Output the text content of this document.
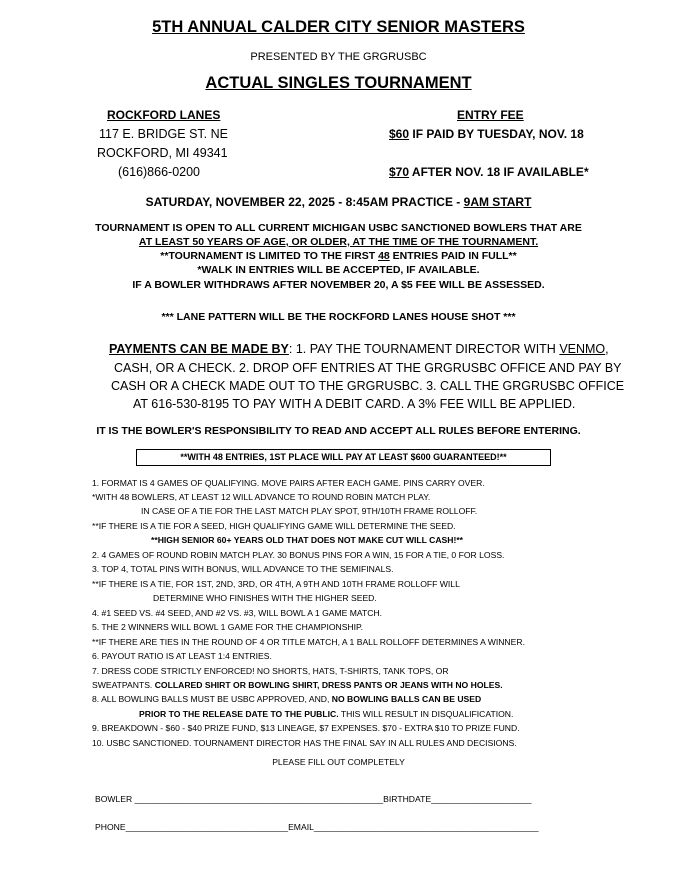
5TH ANNUAL CALDER CITY SENIOR MASTERS
PRESENTED BY THE GRGRUSBC
ACTUAL SINGLES TOURNAMENT
ROCKFORD LANES
117 E. BRIDGE ST. NE
ROCKFORD, MI 49341
(616)866-0200
ENTRY FEE
$60 IF PAID BY TUESDAY, NOV. 18
$70 AFTER NOV. 18 IF AVAILABLE*
SATURDAY, NOVEMBER 22, 2025 - 8:45AM PRACTICE - 9AM START
TOURNAMENT IS OPEN TO ALL CURRENT MICHIGAN USBC SANCTIONED BOWLERS THAT ARE
AT LEAST 50 YEARS OF AGE, OR OLDER, AT THE TIME OF THE TOURNAMENT.
**TOURNAMENT IS LIMITED TO THE FIRST 48 ENTRIES PAID IN FULL**
*WALK IN ENTRIES WILL BE ACCEPTED, IF AVAILABLE.
IF A BOWLER WITHDRAWS AFTER NOVEMBER 20, A $5 FEE WILL BE ASSESSED.
*** LANE PATTERN WILL BE THE ROCKFORD LANES HOUSE SHOT ***
PAYMENTS CAN BE MADE BY: 1. PAY THE TOURNAMENT DIRECTOR WITH VENMO,
CASH, OR A CHECK. 2. DROP OFF ENTRIES AT THE GRGRUSBC OFFICE AND PAY BY
CASH OR A CHECK MADE OUT TO THE GRGRUSBC. 3. CALL THE GRGRUSBC OFFICE
AT 616-530-8195 TO PAY WITH A DEBIT CARD. A 3% FEE WILL BE APPLIED.
IT IS THE BOWLER'S RESPONSIBILITY TO READ AND ACCEPT ALL RULES BEFORE ENTERING.
**WITH 48 ENTRIES, 1ST PLACE WILL PAY AT LEAST $600 GUARANTEED!**
1. FORMAT IS 4 GAMES OF QUALIFYING. MOVE PAIRS AFTER EACH GAME. PINS CARRY OVER.
*WITH 48 BOWLERS, AT LEAST 12 WILL ADVANCE TO ROUND ROBIN MATCH PLAY.
IN CASE OF A TIE FOR THE LAST MATCH PLAY SPOT, 9TH/10TH FRAME ROLLOFF.
**IF THERE IS A TIE FOR A SEED, HIGH QUALIFYING GAME WILL DETERMINE THE SEED.
**HIGH SENIOR 60+ YEARS OLD THAT DOES NOT MAKE CUT WILL CASH!**
2. 4 GAMES OF ROUND ROBIN MATCH PLAY. 30 BONUS PINS FOR A WIN, 15 FOR A TIE, 0 FOR LOSS.
3. TOP 4, TOTAL PINS WITH BONUS, WILL ADVANCE TO THE SEMIFINALS.
**IF THERE IS A TIE, FOR 1ST, 2ND, 3RD, OR 4TH, A 9TH AND 10TH FRAME ROLLOFF WILL
DETERMINE WHO FINISHES WITH THE HIGHER SEED.
4. #1 SEED VS. #4 SEED, AND #2 VS. #3, WILL BOWL A 1 GAME MATCH.
5. THE 2 WINNERS WILL BOWL 1 GAME FOR THE CHAMPIONSHIP.
**IF THERE ARE TIES IN THE ROUND OF 4 OR TITLE MATCH, A 1 BALL ROLLOFF DETERMINES A WINNER.
6. PAYOUT RATIO IS AT LEAST 1:4 ENTRIES.
7. DRESS CODE STRICTLY ENFORCED! NO SHORTS, HATS, T-SHIRTS, TANK TOPS, OR
SWEATPANTS. COLLARED SHIRT OR BOWLING SHIRT, DRESS PANTS OR JEANS WITH NO HOLES.
8. ALL BOWLING BALLS MUST BE USBC APPROVED, AND, NO BOWLING BALLS CAN BE USED
PRIOR TO THE RELEASE DATE TO THE PUBLIC. THIS WILL RESULT IN DISQUALIFICATION.
9. BREAKDOWN - $60 - $40 PRIZE FUND, $13 LINEAGE, $7 EXPENSES. $70 - EXTRA $10 TO PRIZE FUND.
10. USBC SANCTIONED. TOURNAMENT DIRECTOR HAS THE FINAL SAY IN ALL RULES AND DECISIONS.
PLEASE FILL OUT COMPLETELY
BOWLER ____________________________________________________BIRTHDATE_____________________
PHONE__________________________________EMAIL_______________________________________________
